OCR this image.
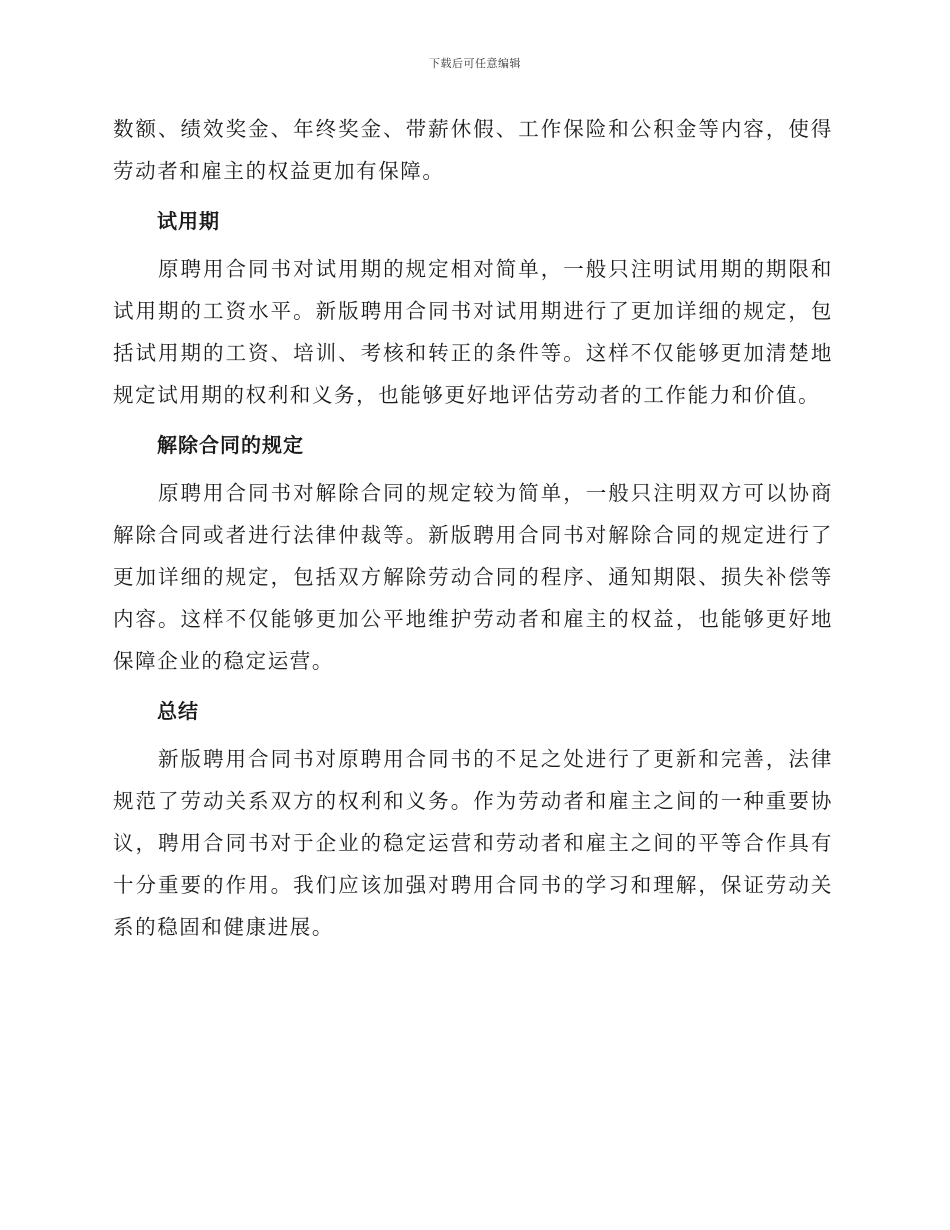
下载后可任意编辑

数额、绩效奖金、年终奖金、带薪休假、工作保险和公积金等内容，使得劳动者和雇主的权益更加有保障。

试用期

原聘用合同书对试用期的规定相对简单，一般只注明试用期的期限和试用期的工资水平。新版聘用合同书对试用期进行了更加详细的规定，包括试用期的工资、培训、考核和转正的条件等。这样不仅能够更加清楚地规定试用期的权利和义务，也能够更好地评估劳动者的工作能力和价值。

解除合同的规定

原聘用合同书对解除合同的规定较为简单，一般只注明双方可以协商解除合同或者进行法律仲裁等。新版聘用合同书对解除合同的规定进行了更加详细的规定，包括双方解除劳动合同的程序、通知期限、损失补偿等内容。这样不仅能够更加公平地维护劳动者和雇主的权益，也能够更好地保障企业的稳定运营。

总结

新版聘用合同书对原聘用合同书的不足之处进行了更新和完善，法律规范了劳动关系双方的权利和义务。作为劳动者和雇主之间的一种重要协议，聘用合同书对于企业的稳定运营和劳动者和雇主之间的平等合作具有十分重要的作用。我们应该加强对聘用合同书的学习和理解，保证劳动关系的稳固和健康进展。
